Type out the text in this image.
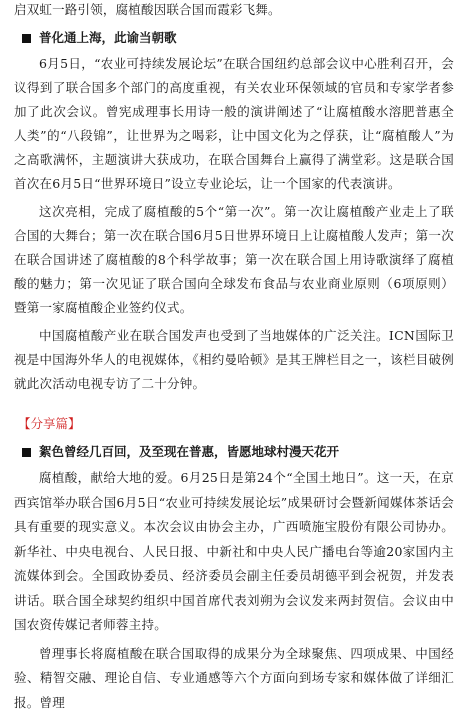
启双虹一路引领，腐植酸因联合国而霞彩飞舞。

普化通上海，此谕当朝歌

6月5日，“农业可持续发展论坛”在联合国纽约总部会议中心胜利召开，会议得到了联合国多个部门的高度重视，有关农业环保领域的官员和专家学者参加了此次会议。曾宪成理事长用诗一般的演讲阐述了“让腐植酸水溶肥普惠全人类”的“八段锦”，让世界为之喝彩，让中国文化为之俘获，让“腐植酸人”为之高歌满怀，主题演讲大获成功，在联合国舞台上赢得了满堂彩。这是联合国首次在6月5日“世界环境日”设立专业论坛，让一个国家的代表演讲。

这次亮相，完成了腐植酸的5个“第一次”。第一次让腐植酸产业走上了联合国的大舞台；第一次在联合国6月5日世界环境日上让腐植酸人发声；第一次在联合国讲述了腐植酸的8个科学故事；第一次在联合国上用诗歌演绎了腐植酸的魅力；第一次见证了联合国向全球发布食品与农业商业原则（6项原则）暨第一家腐植酸企业签约仪式。

中国腐植酸产业在联合国发声也受到了当地媒体的广泛关注。ICN国际卫视是中国海外华人的电视媒体，《相约曼哈顿》是其王牌栏目之一，该栏目破例就此次活动电视专访了二十分钟。

【分享篇】
絮色曾经几百回，及至现在普惠，皆愿地球村漫天花开

腐植酸，献给大地的爱。6月25日是第24个“全国土地日”。这一天，在京西宾馆举办联合国6月5日“农业可持续发展论坛”成果研讨会暨新闻媒体茶话会具有重要的现实意义。本次会议由协会主办，广西喷施宝股份有限公司协办。新华社、中央电视台、人民日报、中新社和中央人民广播电台等逾20家国内主流媒体到会。全国政协委员、经济委员会副主任委员胡德平到会祝贺，并发表讲话。联合国全球契约组织中国首席代表刘朔为会议发来两封贺信。会议由中国农资传媒记者师蓉主持。

曾理事长将腐植酸在联合国取得的成果分为全球聚焦、四项成果、中国经验、精智交融、理论自信、专业通感等六个方面向到场专家和媒体做了详细汇报。曾理
